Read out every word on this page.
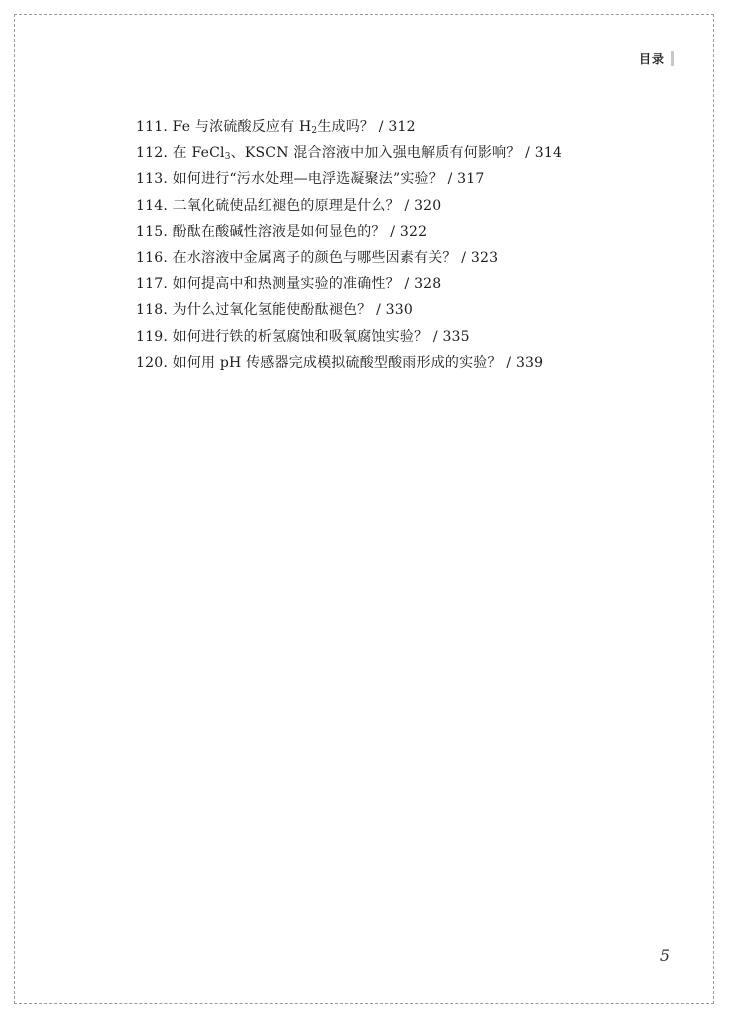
目录
111. Fe 与浓硫酸反应有 $H_2$生成吗？ / 312
112. 在 FeCl$_3$、KSCN 混合溶液中加入强电解质有何影响？ / 314
113. 如何进行“污水处理—电浮选凝聚法”实验？ / 317
114. 二氧化硫使品红褪色的原理是什么？ / 320
115. 酚酞在酸碱性溶液是如何显色的？ / 322
116. 在水溶液中金属离子的颜色与哪些因素有关？ / 323
117. 如何提高中和热测量实验的准确性？ / 328
118. 为什么过氧化氢能使酚酞褪色？ / 330
119. 如何进行铁的析氢腐蚀和吸氧腐蚀实验？ / 335
120. 如何用 pH 传感器完成模拟硫酸型酸雨形成的实验？ / 339
5
